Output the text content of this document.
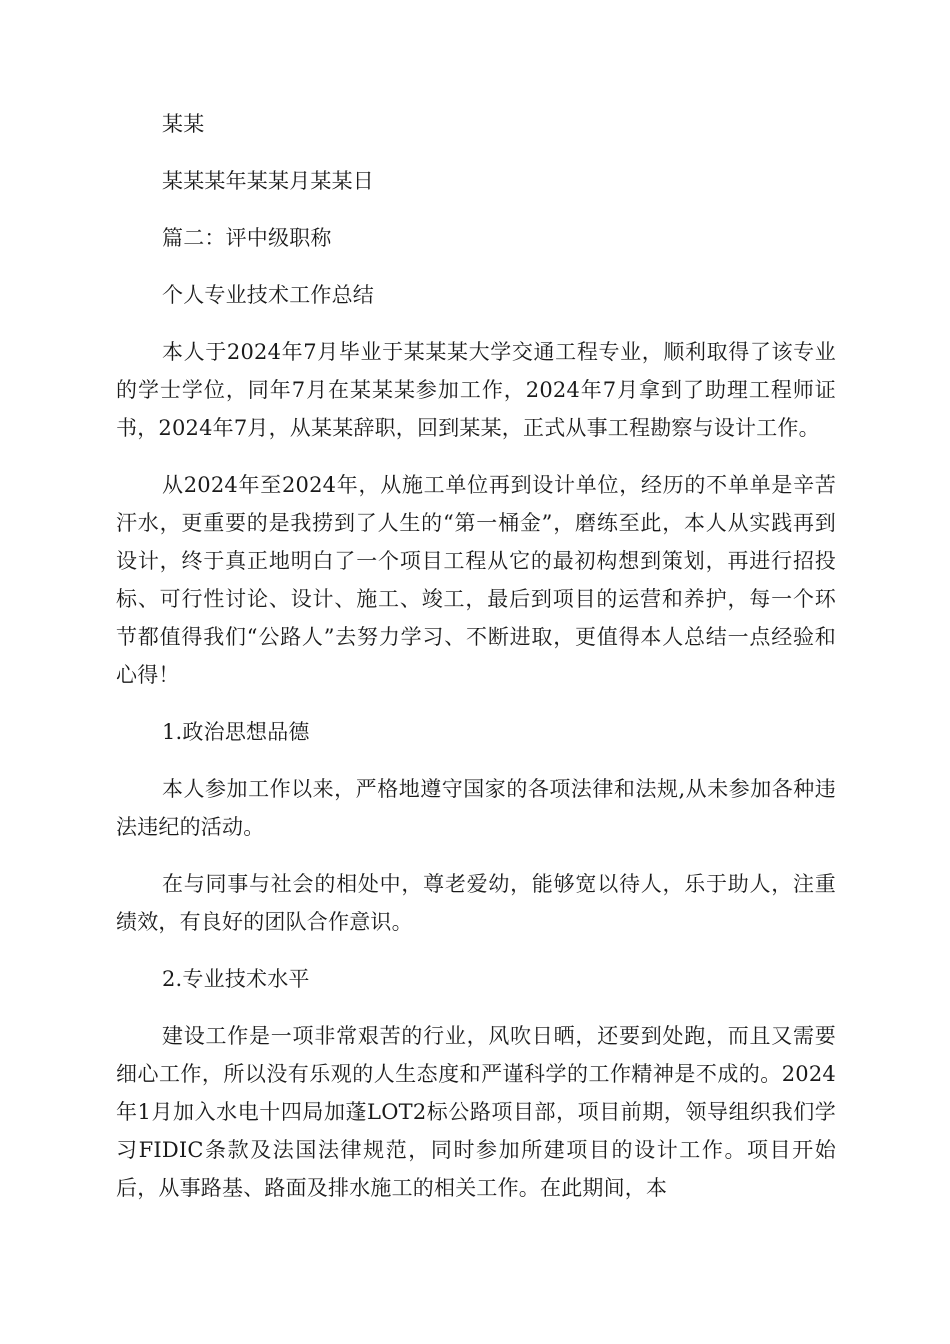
某某

某某某年某某月某某日

篇二：评中级职称

个人专业技术工作总结

本人于2024年7月毕业于某某某大学交通工程专业，顺利取得了该专业的学士学位，同年7月在某某某参加工作，2024年7月拿到了助理工程师证书，2024年7月，从某某辞职，回到某某，正式从事工程勘察与设计工作。

从2024年至2024年，从施工单位再到设计单位，经历的不单单是辛苦汗水，更重要的是我捞到了人生的“第一桶金”，磨练至此，本人从实践再到设计，终于真正地明白了一个项目工程从它的最初构想到策划，再进行招投标、可行性讨论、设计、施工、竣工，最后到项目的运营和养护，每一个环节都值得我们“公路人”去努力学习、不断进取，更值得本人总结一点经验和心得！

1.政治思想品德

本人参加工作以来，严格地遵守国家的各项法律和法规,从未参加各种违法违纪的活动。

在与同事与社会的相处中，尊老爱幼，能够宽以待人，乐于助人，注重绩效，有良好的团队合作意识。

2.专业技术水平

建设工作是一项非常艰苦的行业，风吹日晒，还要到处跑，而且又需要细心工作，所以没有乐观的人生态度和严谨科学的工作精神是不成的。2024年1月加入水电十四局加蓬LOT2标公路项目部，项目前期，领导组织我们学习FIDIC条款及法国法律规范，同时参加所建项目的设计工作。项目开始后，从事路基、路面及排水施工的相关工作。在此期间，本
